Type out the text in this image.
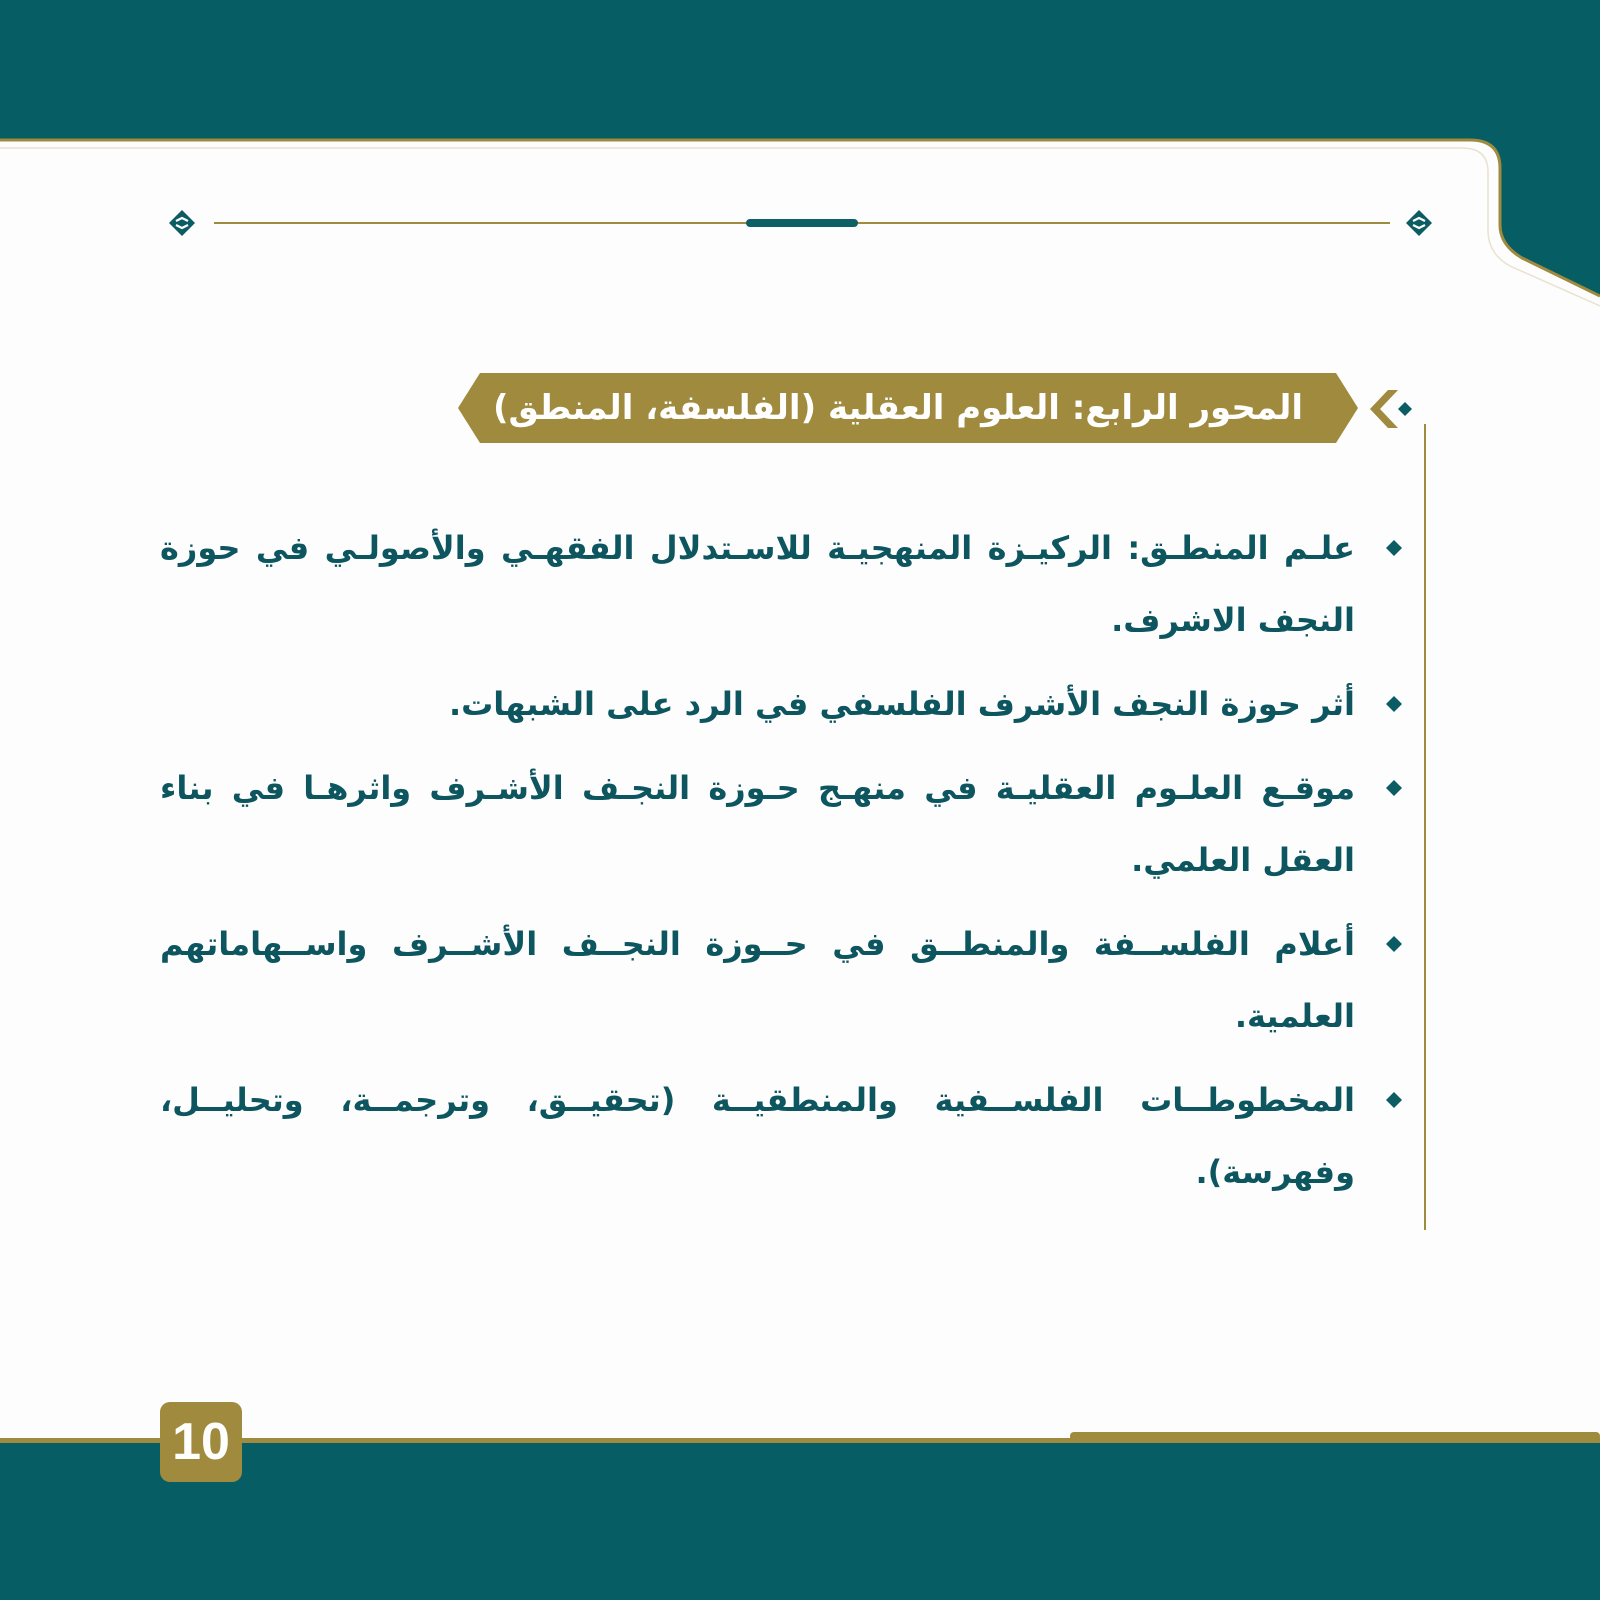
المحور الرابع: العلوم العقلية (الفلسفة، المنطق)
علـم المنطـق: الركيـزة المنهجيـة للاسـتدلال الفقهـي والأصولـي في حوزة النجف الاشرف.
أثر حوزة النجف الأشرف الفلسفي في الرد على الشبهات.
موقـع العلـوم العقليـة في منهـج حـوزة النجـف الأشـرف واثرهـا في بناء العقل العلمي.
أعلام الفلســفة والمنطــق في حــوزة النجــف الأشــرف واســهاماتهم العلمية.
المخطوطــات الفلســفية والمنطقيــة (تحقيــق، وترجمــة، وتحليــل، وفهرسة).
10
